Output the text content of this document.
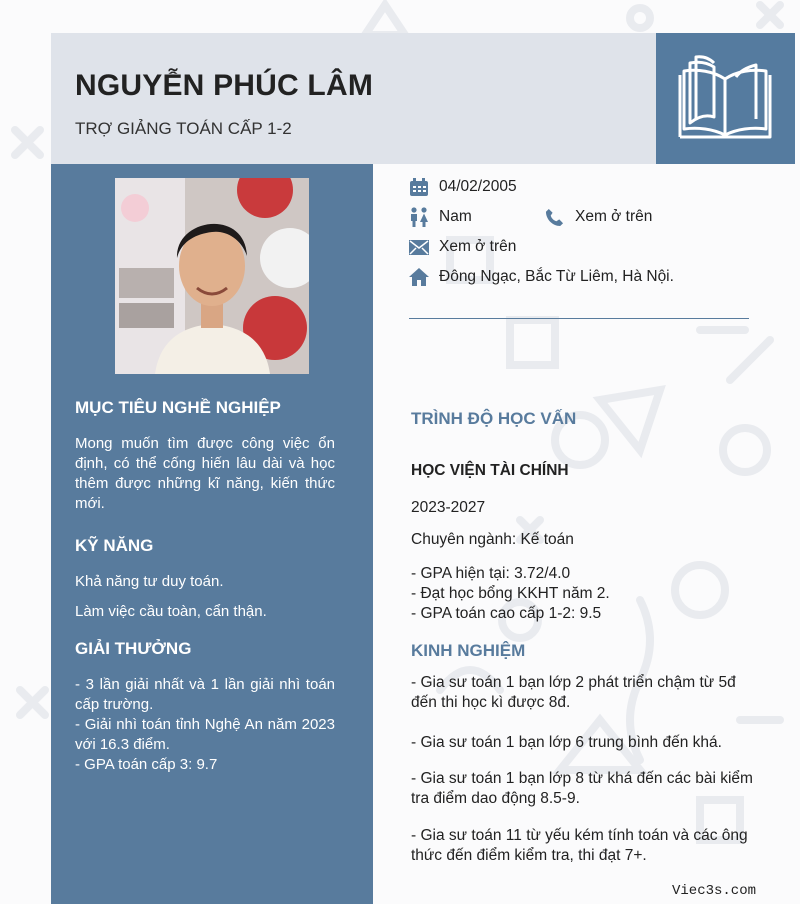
NGUYỄN PHÚC LÂM
TRỢ GIẢNG TOÁN CẤP 1-2
MỤC TIÊU NGHỀ NGHIỆP
Mong muốn tìm được công việc ổn định, có thể cống hiến lâu dài và học thêm được những kĩ năng, kiến thức mới.
KỸ NĂNG
Khả năng tư duy toán.
Làm việc cầu toàn, cẩn thận.
GIẢI THƯỞNG
- 3 lần giải nhất và 1 lần giải nhì toán cấp trường.
- Giải nhì toán tỉnh Nghệ An năm 2023 với 16.3 điểm.
- GPA toán cấp 3: 9.7
04/02/2005
Nam	Xem ở trên
Xem ở trên
Đông Ngạc, Bắc Từ Liêm, Hà Nội.
TRÌNH ĐỘ HỌC VẤN
HỌC VIỆN TÀI CHÍNH
2023-2027
Chuyên ngành: Kế toán
- GPA hiện tại: 3.72/4.0
- Đạt học bổng KKHT năm 2.
- GPA toán cao cấp 1-2: 9.5
KINH NGHIỆM
- Gia sư toán 1 bạn lớp 2 phát triển chậm từ 5đ đến thi học kì được 8đ.
- Gia sư toán 1 bạn lớp 6 trung bình đến khá.
- Gia sư toán 1 bạn lớp 8 từ khá đến các bài kiểm tra điểm dao động 8.5-9.
- Gia sư toán 11 từ yếu kém tính toán và các ông thức đến điểm kiểm tra, thi đạt 7+.
Viec3s.com
